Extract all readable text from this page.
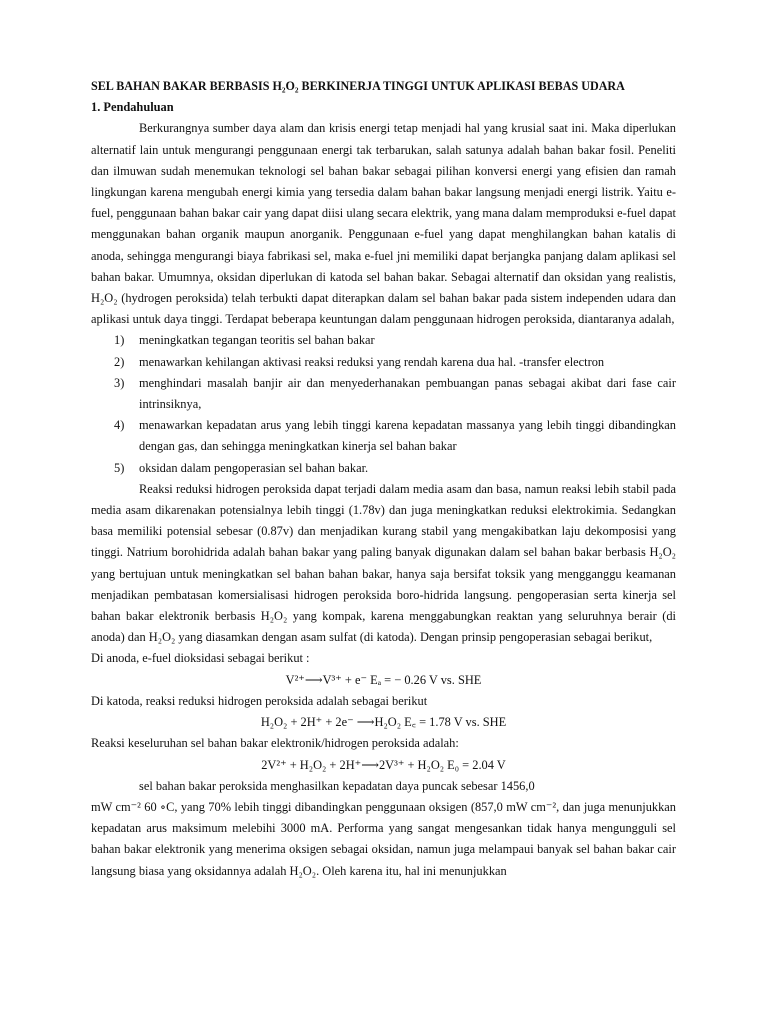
SEL BAHAN BAKAR BERBASIS H₂O₂ BERKINERJA TINGGI UNTUK APLIKASI BEBAS UDARA
1. Pendahuluan
Berkurangnya sumber daya alam dan krisis energi tetap menjadi hal yang krusial saat ini. Maka diperlukan alternatif lain untuk mengurangi penggunaan energi tak terbarukan, salah satunya adalah bahan bakar fosil. Peneliti dan ilmuwan sudah menemukan teknologi sel bahan bakar sebagai pilihan konversi energi yang efisien dan ramah lingkungan karena mengubah energi kimia yang tersedia dalam bahan bakar langsung menjadi energi listrik. Yaitu e-fuel, penggunaan bahan bakar cair yang dapat diisi ulang secara elektrik, yang mana dalam memproduksi e-fuel dapat menggunakan bahan organik maupun anorganik. Penggunaan e-fuel yang dapat menghilangkan bahan katalis di anoda, sehingga mengurangi biaya fabrikasi sel, maka e-fuel jni memiliki dapat berjangka panjang dalam aplikasi sel bahan bakar. Umumnya, oksidan diperlukan di katoda sel bahan bakar. Sebagai alternatif dan oksidan yang realistis, H₂O₂ (hydrogen peroksida) telah terbukti dapat diterapkan dalam sel bahan bakar pada sistem independen udara dan aplikasi untuk daya tinggi. Terdapat beberapa keuntungan dalam penggunaan hidrogen peroksida, diantaranya adalah,
1) meningkatkan tegangan teoritis sel bahan bakar
2) menawarkan kehilangan aktivasi reaksi reduksi yang rendah karena dua hal. -transfer electron
3) menghindari masalah banjir air dan menyederhanakan pembuangan panas sebagai akibat dari fase cair intrinsiknya,
4) menawarkan kepadatan arus yang lebih tinggi karena kepadatan massanya yang lebih tinggi dibandingkan dengan gas, dan sehingga meningkatkan kinerja sel bahan bakar
5) oksidan dalam pengoperasian sel bahan bakar.
Reaksi reduksi hidrogen peroksida dapat terjadi dalam media asam dan basa, namun reaksi lebih stabil pada media asam dikarenakan potensialnya lebih tinggi (1.78v) dan juga meningkatkan reduksi elektrokimia. Sedangkan basa memiliki potensial sebesar (0.87v) dan menjadikan kurang stabil yang mengakibatkan laju dekomposisi yang tinggi. Natrium borohidrida adalah bahan bakar yang paling banyak digunakan dalam sel bahan bakar berbasis H₂O₂ yang bertujuan untuk meningkatkan sel bahan bahan bakar, hanya saja bersifat toksik yang mengganggu keamanan menjadikan pembatasan komersialisasi hidrogen peroksida boro-hidrida langsung. pengoperasian serta kinerja sel bahan bakar elektronik berbasis H₂O₂ yang kompak, karena menggabungkan reaktan yang seluruhnya berair (di anoda) dan H₂O₂ yang diasamkan dengan asam sulfat (di katoda). Dengan prinsip pengoperasian sebagai berikut,
Di anoda, e-fuel dioksidasi sebagai berikut :
V²⁺⟶V³⁺ + e⁻ Eₐ = − 0.26 V vs. SHE
Di katoda, reaksi reduksi hidrogen peroksida adalah sebagai berikut
H₂O₂ + 2H⁺ + 2e⁻ ⟶H₂O₂ E꜀ = 1.78 V vs. SHE
Reaksi keseluruhan sel bahan bakar elektronik/hidrogen peroksida adalah:
2V²⁺ + H₂O₂ + 2H⁺⟶2V³⁺ + H₂O₂ E₀ = 2.04 V
sel bahan bakar peroksida menghasilkan kepadatan daya puncak sebesar 1456,0
mW cm⁻² 60 ∘C, yang 70% lebih tinggi dibandingkan penggunaan oksigen (857,0 mW cm⁻², dan juga menunjukkan kepadatan arus maksimum melebihi 3000 mA. Performa yang sangat mengesankan tidak hanya mengungguli sel bahan bakar elektronik yang menerima oksigen sebagai oksidan, namun juga melampaui banyak sel bahan bakar cair langsung biasa yang oksidannya adalah H₂O₂. Oleh karena itu, hal ini menunjukkan
